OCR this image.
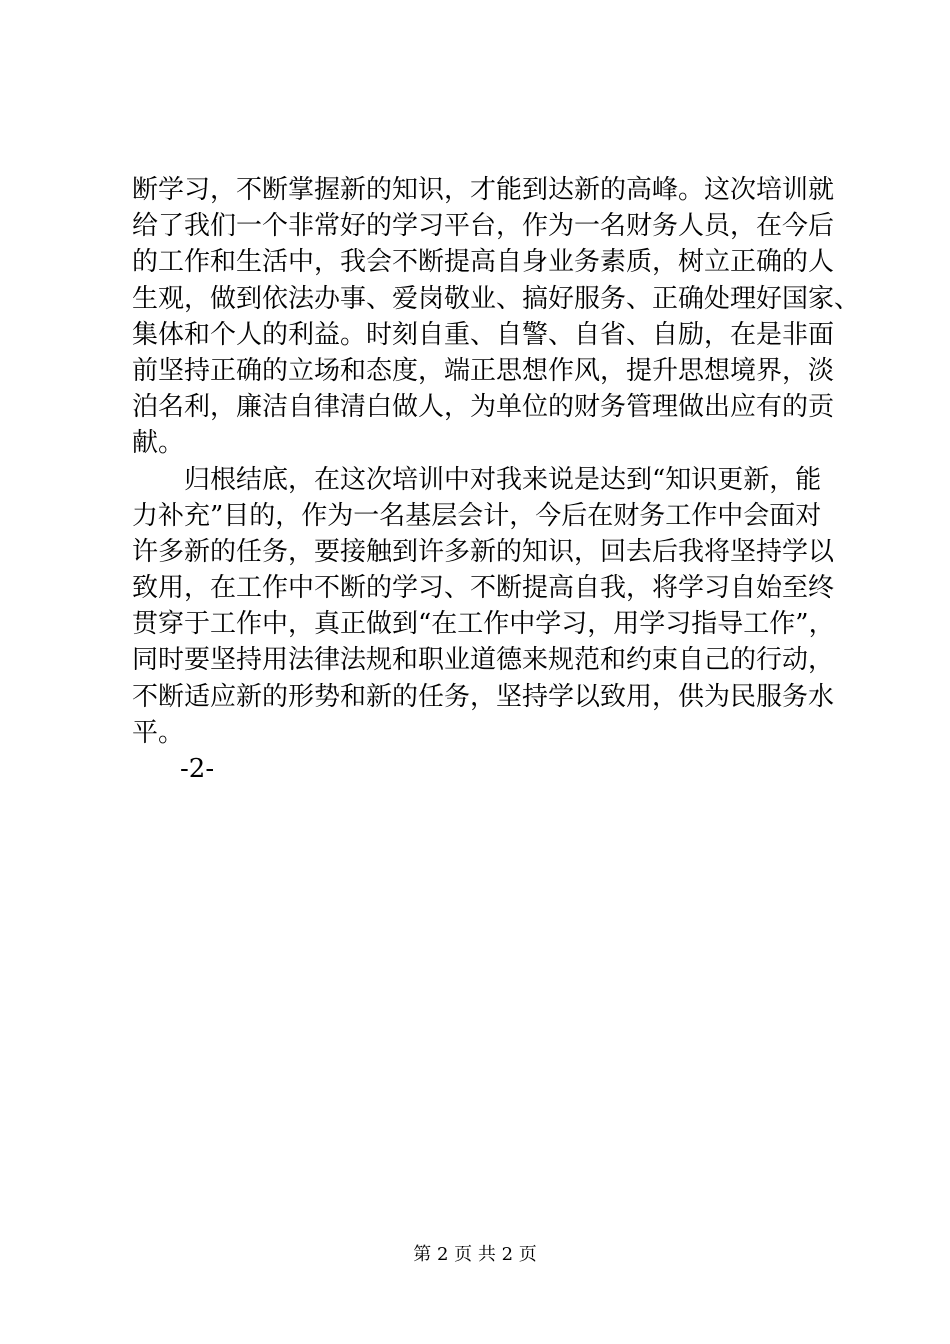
断学习，不断掌握新的知识，才能到达新的高峰。这次培训就
给了我们一个非常好的学习平台，作为一名财务人员，在今后
的工作和生活中，我会不断提高自身业务素质，树立正确的人
生观，做到依法办事、爱岗敬业、搞好服务、正确处理好国家、
集体和个人的利益。时刻自重、自警、自省、自励，在是非面
前坚持正确的立场和态度，端正思想作风，提升思想境界，淡
泊名利，廉洁自律清白做人，为单位的财务管理做出应有的贡
献。
归根结底，在这次培训中对我来说是达到“知识更新，能
力补充”目的，作为一名基层会计，今后在财务工作中会面对
许多新的任务，要接触到许多新的知识，回去后我将坚持学以
致用，在工作中不断的学习、不断提高自我，将学习自始至终
贯穿于工作中，真正做到“在工作中学习，用学习指导工作”，
同时要坚持用法律法规和职业道德来规范和约束自己的行动，
不断适应新的形势和新的任务，坚持学以致用，供为民服务水
平。
-2-
第 2 页 共 2 页
